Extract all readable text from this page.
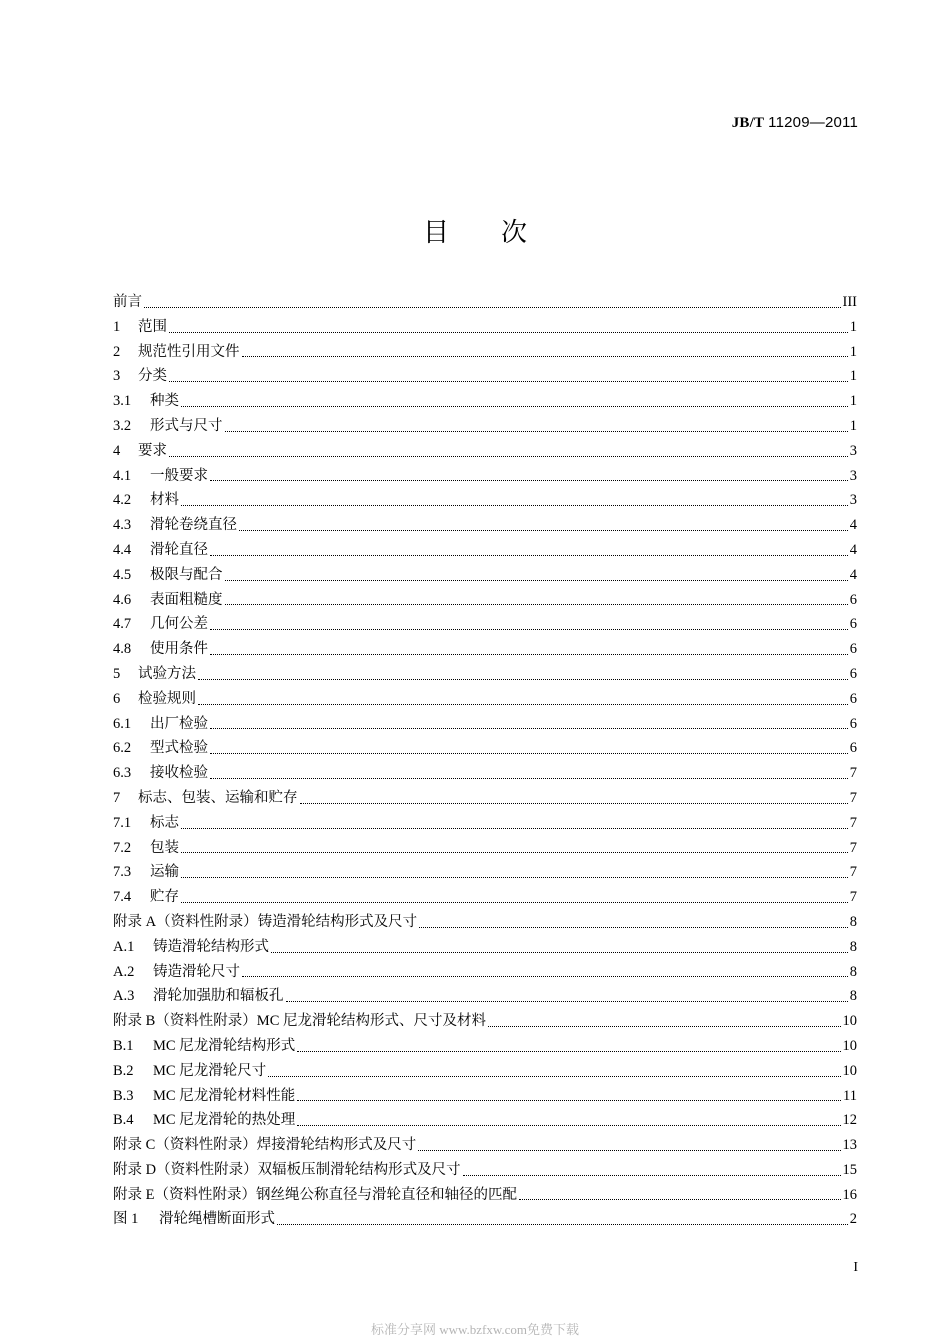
JB/T 11209—2011
目次
前言	III
1	范围	1
2	规范性引用文件	1
3	分类	1
3.1	种类	1
3.2	形式与尺寸	1
4	要求	3
4.1	一般要求	3
4.2	材料	3
4.3	滑轮卷绕直径	4
4.4	滑轮直径	4
4.5	极限与配合	4
4.6	表面粗糙度	6
4.7	几何公差	6
4.8	使用条件	6
5	试验方法	6
6	检验规则	6
6.1	出厂检验	6
6.2	型式检验	6
6.3	接收检验	7
7	标志、包装、运输和贮存	7
7.1	标志	7
7.2	包装	7
7.3	运输	7
7.4	贮存	7
附录 A（资料性附录）铸造滑轮结构形式及尺寸	8
A.1	铸造滑轮结构形式	8
A.2	铸造滑轮尺寸	8
A.3	滑轮加强肋和辐板孔	8
附录 B（资料性附录）MC 尼龙滑轮结构形式、尺寸及材料	10
B.1	MC 尼龙滑轮结构形式	10
B.2	MC 尼龙滑轮尺寸	10
B.3	MC 尼龙滑轮材料性能	11
B.4	MC 尼龙滑轮的热处理	12
附录 C（资料性附录）焊接滑轮结构形式及尺寸	13
附录 D（资料性附录）双辐板压制滑轮结构形式及尺寸	15
附录 E（资料性附录）钢丝绳公称直径与滑轮直径和轴径的匹配	16
图 1	滑轮绳槽断面形式	2
I
标准分享网 www.bzfxw.com免费下载
